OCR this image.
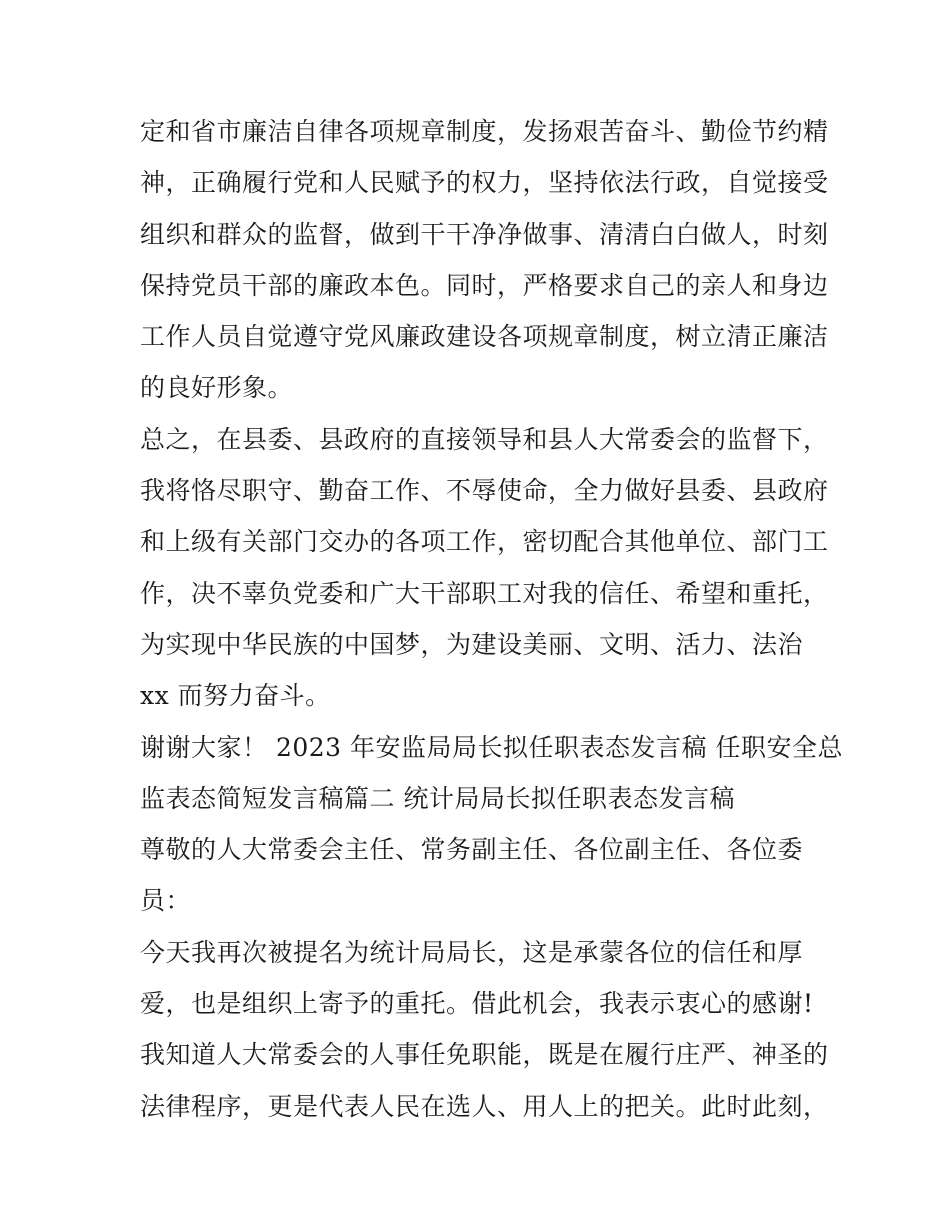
定和省市廉洁自律各项规章制度，发扬艰苦奋斗、勤俭节约精
神，正确履行党和人民赋予的权力，坚持依法行政，自觉接受
组织和群众的监督，做到干干净净做事、清清白白做人，时刻
保持党员干部的廉政本色。同时，严格要求自己的亲人和身边
工作人员自觉遵守党风廉政建设各项规章制度，树立清正廉洁
的良好形象。
总之，在县委、县政府的直接领导和县人大常委会的监督下，
我将恪尽职守、勤奋工作、不辱使命，全力做好县委、县政府
和上级有关部门交办的各项工作，密切配合其他单位、部门工
作，决不辜负党委和广大干部职工对我的信任、希望和重托，
为实现中华民族的中国梦，为建设美丽、文明、活力、法治
xx 而努力奋斗。
谢谢大家！ 2023 年安监局局长拟任职表态发言稿 任职安全总
监表态简短发言稿篇二 统计局局长拟任职表态发言稿
尊敬的人大常委会主任、常务副主任、各位副主任、各位委
员：
今天我再次被提名为统计局局长，这是承蒙各位的信任和厚
爱，也是组织上寄予的重托。借此机会，我表示衷心的感谢!
我知道人大常委会的人事任免职能，既是在履行庄严、神圣的
法律程序，更是代表人民在选人、用人上的把关。此时此刻，
